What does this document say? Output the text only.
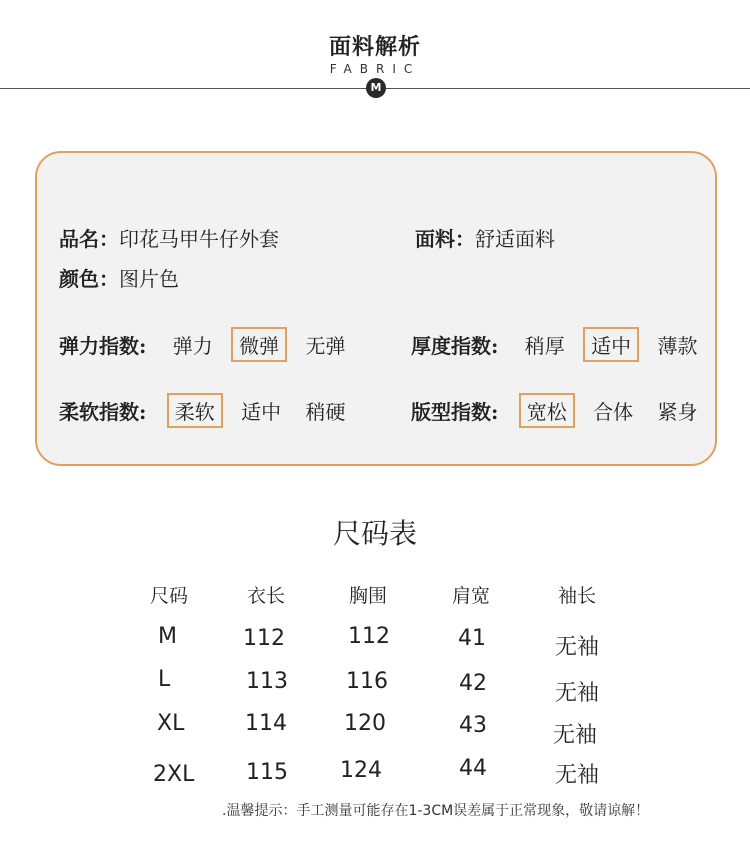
面料解析
FABRIC
M
品名：印花马甲牛仔外套	面料：舒适面料
颜色：图片色
弹力指数: 弹力 微弹 无弹	厚度指数: 稍厚 适中 薄款
柔软指数: 柔软 适中 稍硬	版型指数: 宽松 合体 紧身
尺码表
尺码	衣长	胸围	肩宽	袖长
M	112	112	41	无袖
L	113	116	42	无袖
XL	114	120	43	无袖
2XL 115 124	44	无袖
.温馨提示：手工测量可能存在1-3CM误差属于正常现象，敬请谅解！
